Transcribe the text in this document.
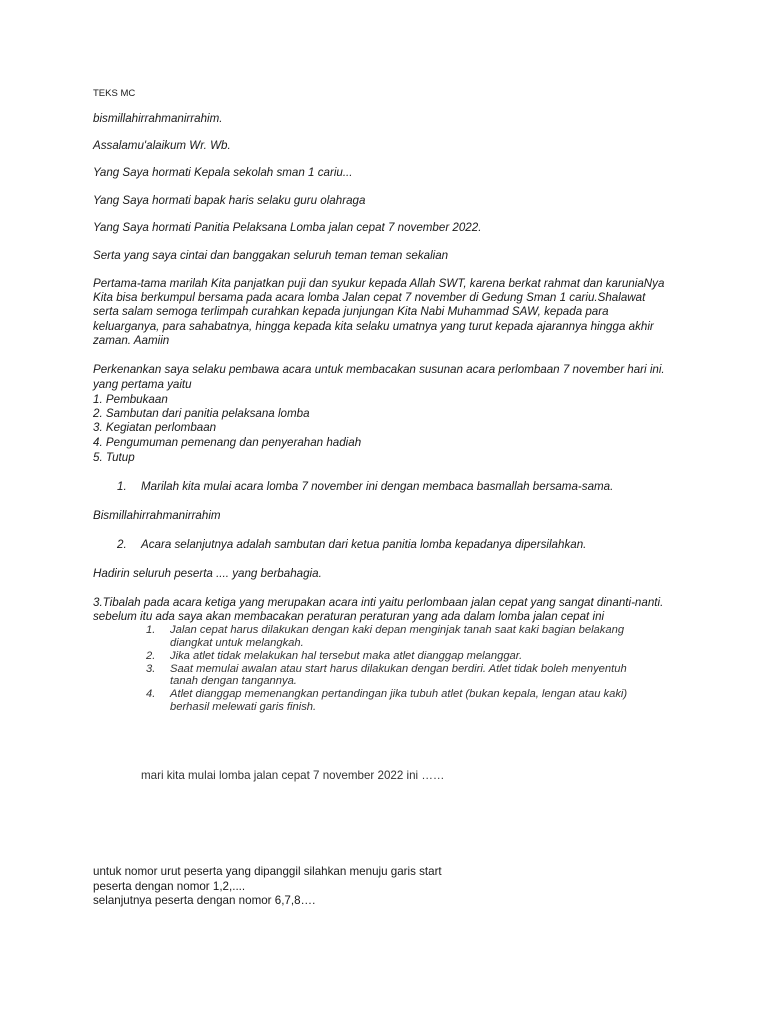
TEKS MC
bismillahirrahmanirrahim.
Assalamu'alaikum Wr. Wb.
Yang Saya hormati Kepala sekolah sman 1 cariu...
Yang Saya hormati bapak haris selaku guru olahraga
Yang Saya hormati Panitia Pelaksana Lomba jalan cepat 7 november 2022.
Serta yang saya cintai dan banggakan seluruh teman teman sekalian
Pertama-tama marilah Kita panjatkan puji dan syukur kepada Allah SWT, karena berkat rahmat dan karuniaNya
Kita bisa berkumpul bersama pada acara lomba Jalan cepat 7 november di Gedung Sman 1 cariu.Shalawat
serta salam semoga terlimpah curahkan kepada junjungan Kita Nabi Muhammad SAW, kepada para
keluarganya, para sahabatnya, hingga kepada kita selaku umatnya yang turut kepada ajarannya hingga akhir
zaman. Aamiin
Perkenankan saya selaku pembawa acara untuk membacakan susunan acara perlombaan 7 november hari ini.
yang pertama yaitu
1. Pembukaan
2. Sambutan dari panitia pelaksana lomba
3. Kegiatan perlombaan
4. Pengumuman pemenang dan penyerahan hadiah
5. Tutup
1. Marilah kita mulai acara lomba 7 november ini dengan membaca basmallah bersama-sama.
Bismillahirrahmanirrahim
2. Acara selanjutnya adalah sambutan dari ketua panitia lomba kepadanya dipersilahkan.
Hadirin seluruh peserta .... yang berbahagia.
3.Tibalah pada acara ketiga yang merupakan acara inti yaitu perlombaan jalan cepat yang sangat dinanti-nanti.
sebelum itu ada saya akan membacakan peraturan peraturan yang ada dalam lomba jalan cepat ini
1. Jalan cepat harus dilakukan dengan kaki depan menginjak tanah saat kaki bagian belakang
diangkat untuk melangkah.
2. Jika atlet tidak melakukan hal tersebut maka atlet dianggap melanggar.
3. Saat memulai awalan atau start harus dilakukan dengan berdiri. Atlet tidak boleh menyentuh
tanah dengan tangannya.
4. Atlet dianggap memenangkan pertandingan jika tubuh atlet (bukan kepala, lengan atau kaki)
berhasil melewati garis finish.
mari kita mulai lomba jalan cepat 7 november 2022 ini ……
untuk nomor urut peserta yang dipanggil silahkan menuju garis start
peserta dengan nomor 1,2,....
selanjutnya peserta dengan nomor 6,7,8….
